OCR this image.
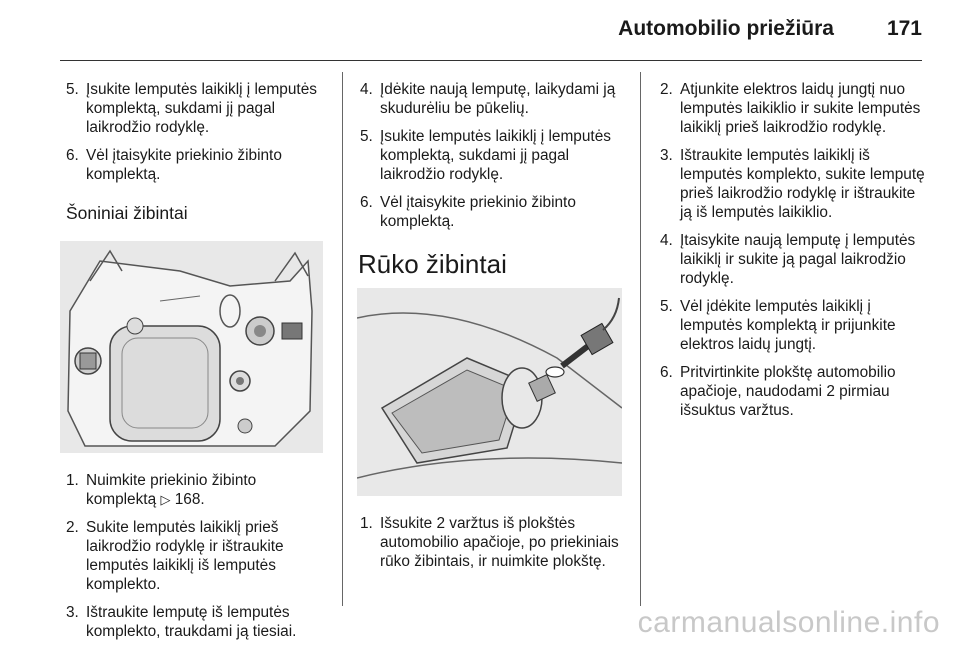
Automobilio priežiūra	171
5. Įsukite lemputės laikiklį į lemputės komplektą, sukdami jį pagal laikrodžio rodyklę.
6. Vėl įtaisykite priekinio žibinto komplektą.
Šoniniai žibintai
1. Nuimkite priekinio žibinto komplektą ▷ 168.
2. Sukite lemputės laikiklį prieš laikrodžio rodyklę ir ištraukite lemputės laikiklį iš lemputės komplekto.
3. Ištraukite lemputę iš lemputės komplekto, traukdami ją tiesiai.
4. Įdėkite naują lemputę, laikydami ją skudurėliu be pūkelių.
5. Įsukite lemputės laikiklį į lemputės komplektą, sukdami jį pagal laikrodžio rodyklę.
6. Vėl įtaisykite priekinio žibinto komplektą.
Rūko žibintai
1. Išsukite 2 varžtus iš plokštės automobilio apačioje, po priekiniais rūko žibintais, ir nuimkite plokštę.
2. Atjunkite elektros laidų jungtį nuo lemputės laikiklio ir sukite lemputės laikiklį prieš laikrodžio rodyklę.
3. Ištraukite lemputės laikiklį iš lemputės komplekto, sukite lemputę prieš laikrodžio rodyklę ir ištraukite ją iš lemputės laikiklio.
4. Įtaisykite naują lemputę į lemputės laikiklį ir sukite ją pagal laikrodžio rodyklę.
5. Vėl įdėkite lemputės laikiklį į lemputės komplektą ir prijunkite elektros laidų jungtį.
6. Pritvirtinkite plokštę automobilio apačioje, naudodami 2 pirmiau išsuktus varžtus.
carmanualsonline.info
